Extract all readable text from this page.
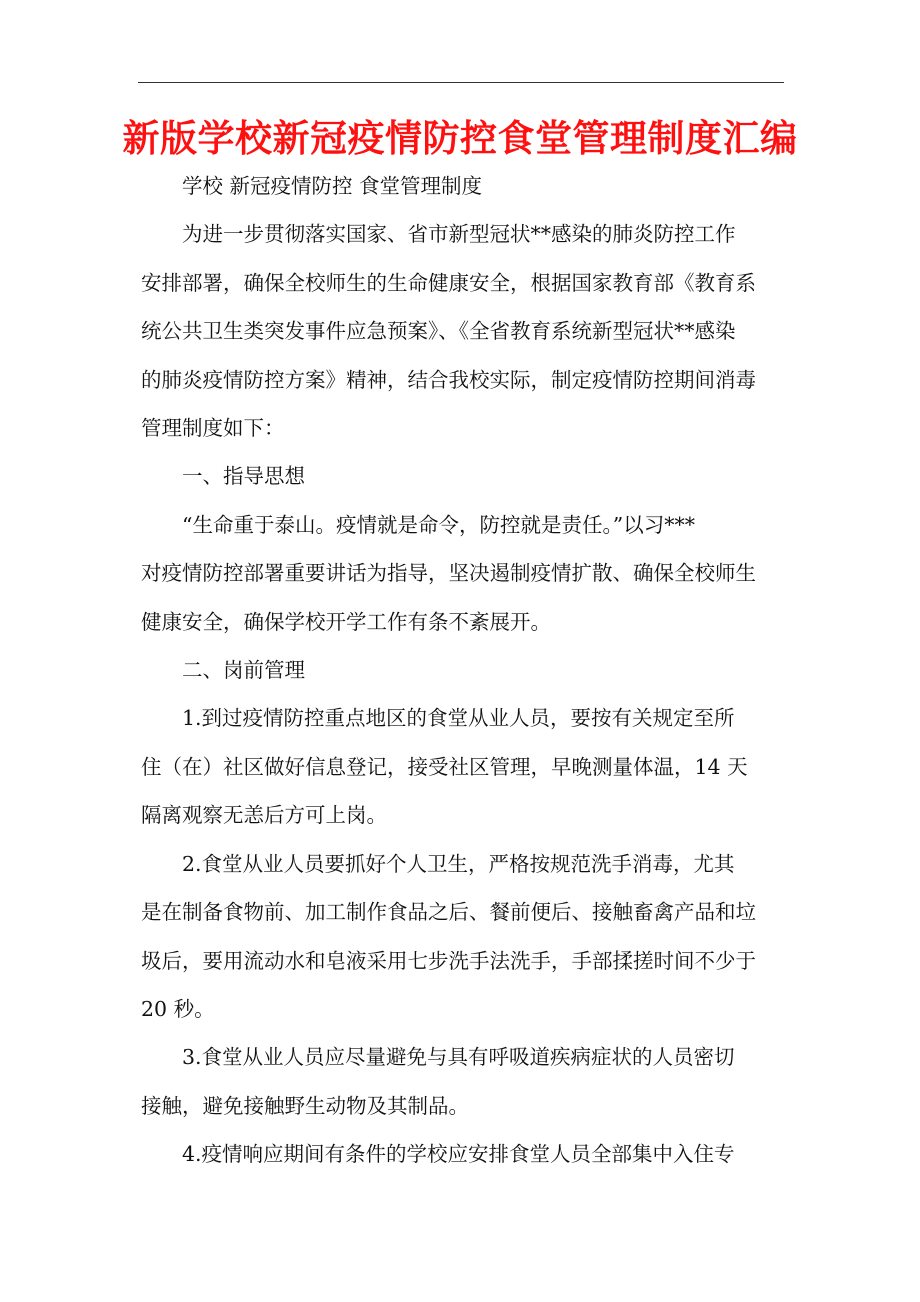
新版学校新冠疫情防控食堂管理制度汇编

学校 新冠疫情防控 食堂管理制度

为进一步贯彻落实国家、省市新型冠状**感染的肺炎防控工作

安排部署，确保全校师生的生命健康安全，根据国家教育部《教育系

统公共卫生类突发事件应急预案》、《全省教育系统新型冠状**感染

的肺炎疫情防控方案》精神，结合我校实际，制定疫情防控期间消毒

管理制度如下：

一、指导思想

“生命重于泰山。疫情就是命令，防控就是责任。”以习***

对疫情防控部署重要讲话为指导，坚决遏制疫情扩散、确保全校师生

健康安全，确保学校开学工作有条不紊展开。

二、岗前管理

1.到过疫情防控重点地区的食堂从业人员，要按有关规定至所

住（在）社区做好信息登记，接受社区管理，早晚测量体温，14 天

隔离观察无恙后方可上岗。

2.食堂从业人员要抓好个人卫生，严格按规范洗手消毒，尤其

是在制备食物前、加工制作食品之后、餐前便后、接触畜禽产品和垃

圾后，要用流动水和皂液采用七步洗手法洗手，手部揉搓时间不少于

20 秒。

3.食堂从业人员应尽量避免与具有呼吸道疾病症状的人员密切

接触，避免接触野生动物及其制品。

4.疫情响应期间有条件的学校应安排食堂人员全部集中入住专
